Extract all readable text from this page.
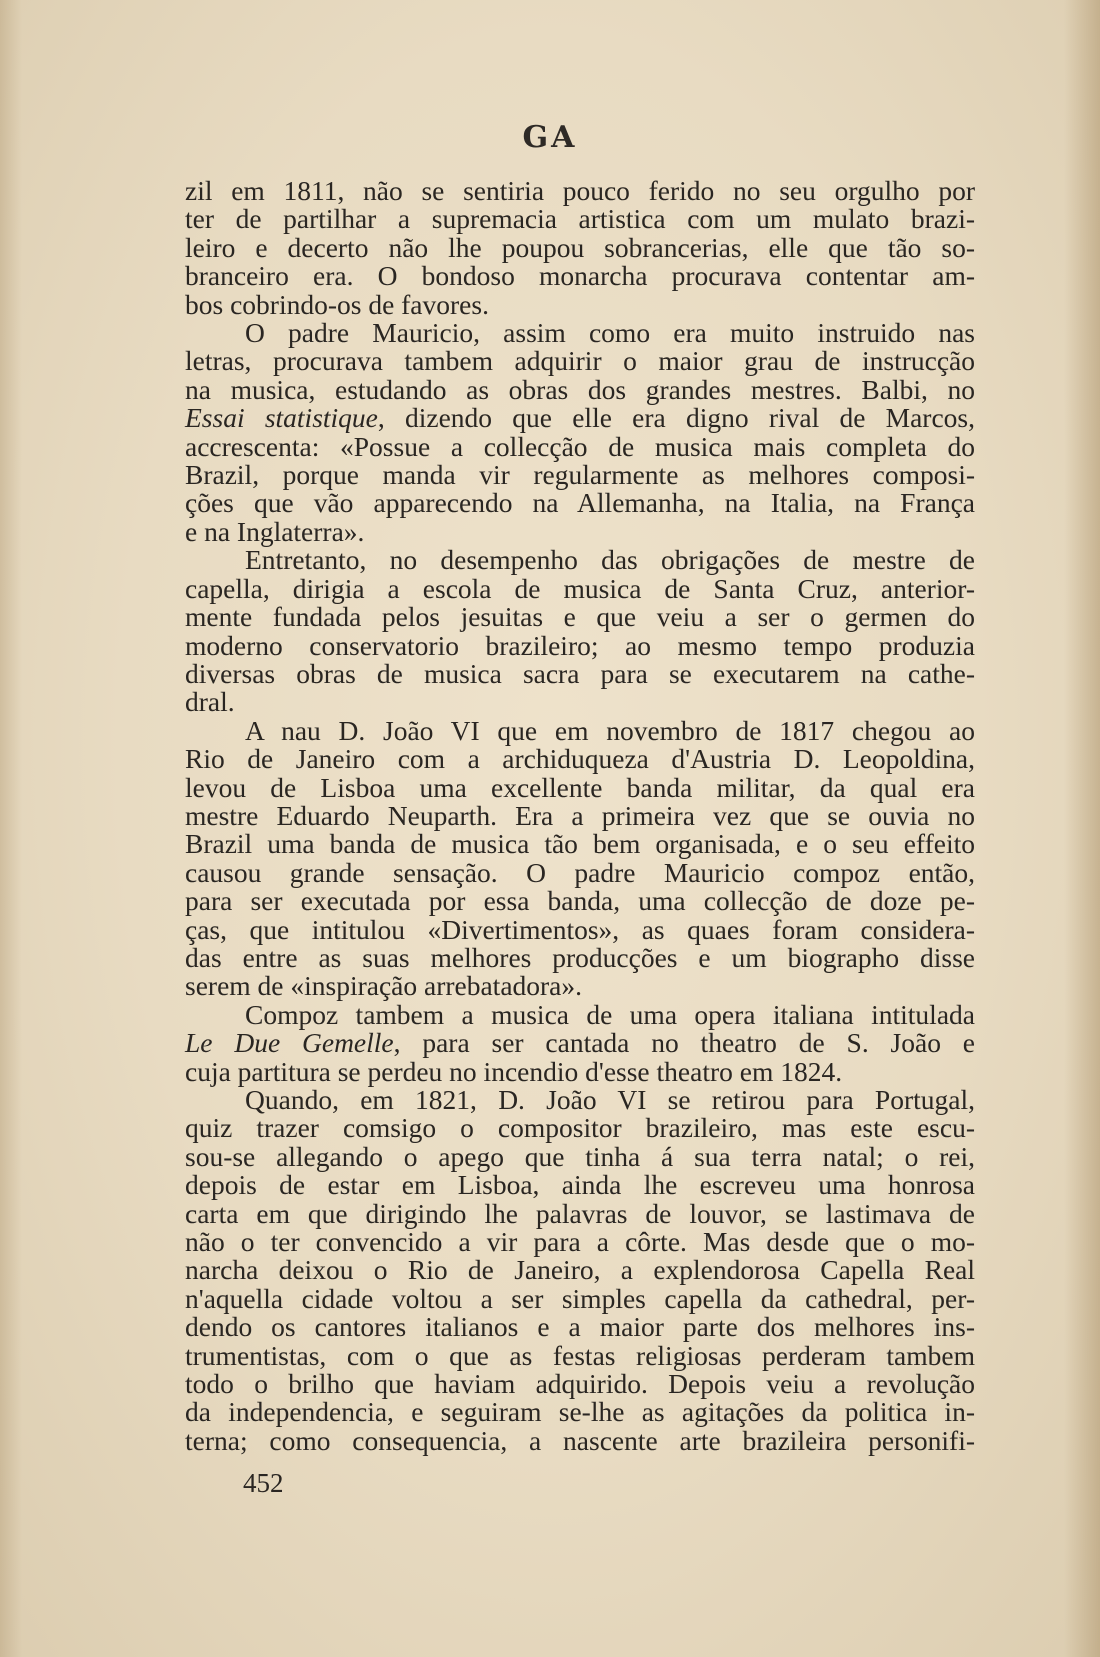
GA
zil em 1811, não se sentiria pouco ferido no seu orgulho por
ter de partilhar a supremacia artistica com um mulato brazi-
leiro e decerto não lhe poupou sobrancerias, elle que tão so-
branceiro era. O bondoso monarcha procurava contentar am-
bos cobrindo-os de favores.
O padre Mauricio, assim como era muito instruido nas
letras, procurava tambem adquirir o maior grau de instrucção
na musica, estudando as obras dos grandes mestres. Balbi, no
Essai statistique, dizendo que elle era digno rival de Marcos,
accrescenta: «Possue a collecção de musica mais completa do
Brazil, porque manda vir regularmente as melhores composi-
ções que vão apparecendo na Allemanha, na Italia, na França
e na Inglaterra».
Entretanto, no desempenho das obrigações de mestre de
capella, dirigia a escola de musica de Santa Cruz, anterior-
mente fundada pelos jesuitas e que veiu a ser o germen do
moderno conservatorio brazileiro; ao mesmo tempo produzia
diversas obras de musica sacra para se executarem na cathe-
dral.
A nau D. João VI que em novembro de 1817 chegou ao
Rio de Janeiro com a archiduqueza d'Austria D. Leopoldina,
levou de Lisboa uma excellente banda militar, da qual era
mestre Eduardo Neuparth. Era a primeira vez que se ouvia no
Brazil uma banda de musica tão bem organisada, e o seu effeito
causou grande sensação. O padre Mauricio compoz então,
para ser executada por essa banda, uma collecção de doze pe-
ças, que intitulou «Divertimentos», as quaes foram considera-
das entre as suas melhores producções e um biographo disse
serem de «inspiração arrebatadora».
Compoz tambem a musica de uma opera italiana intitulada
Le Due Gemelle, para ser cantada no theatro de S. João e
cuja partitura se perdeu no incendio d'esse theatro em 1824.
Quando, em 1821, D. João VI se retirou para Portugal,
quiz trazer comsigo o compositor brazileiro, mas este escu-
sou-se allegando o apego que tinha á sua terra natal; o rei,
depois de estar em Lisboa, ainda lhe escreveu uma honrosa
carta em que dirigindo lhe palavras de louvor, se lastimava de
não o ter convencido a vir para a côrte. Mas desde que o mo-
narcha deixou o Rio de Janeiro, a explendorosa Capella Real
n'aquella cidade voltou a ser simples capella da cathedral, per-
dendo os cantores italianos e a maior parte dos melhores ins-
trumentistas, com o que as festas religiosas perderam tambem
todo o brilho que haviam adquirido. Depois veiu a revolução
da independencia, e seguiram se-lhe as agitações da politica in-
terna; como consequencia, a nascente arte brazileira personifi-
452
